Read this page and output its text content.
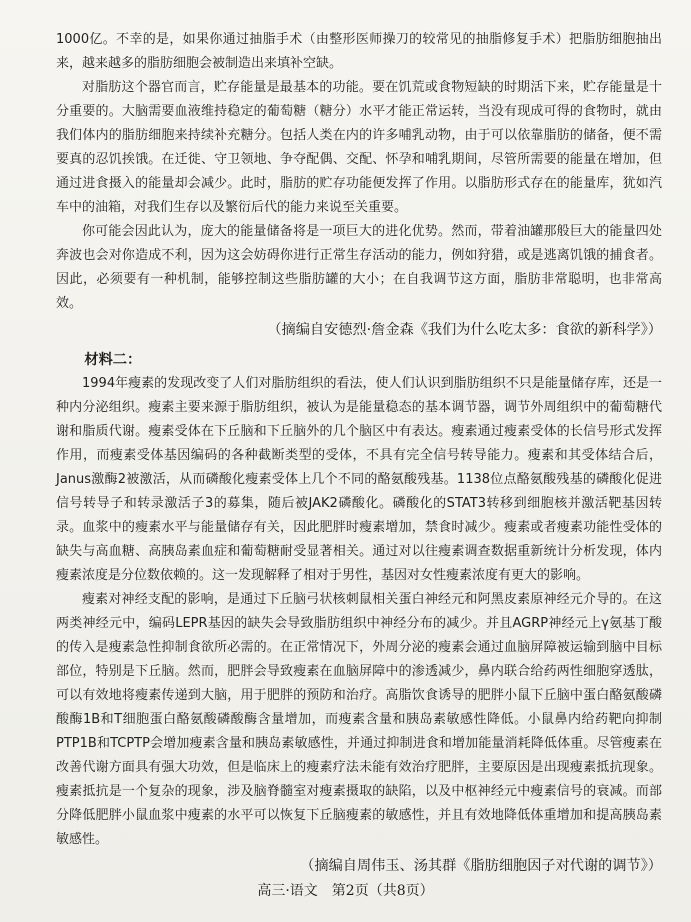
1000亿。不幸的是，如果你通过抽脂手术（由整形医师操刀的较常见的抽脂修复手术）把脂肪细胞抽出来，越来越多的脂肪细胞会被制造出来填补空缺。

对脂肪这个器官而言，贮存能量是最基本的功能。要在饥荒或食物短缺的时期活下来，贮存能量是十分重要的。大脑需要血液维持稳定的葡萄糖（糖分）水平才能正常运转，当没有现成可得的食物时，就由我们体内的脂肪细胞来持续补充糖分。包括人类在内的许多哺乳动物，由于可以依靠脂肪的储备，便不需要真的忍饥挨饿。在迁徙、守卫领地、争夺配偶、交配、怀孕和哺乳期间，尽管所需要的能量在增加，但通过进食摄入的能量却会减少。此时，脂肪的贮存功能便发挥了作用。以脂肪形式存在的能量库，犹如汽车中的油箱，对我们生存以及繁衍后代的能力来说至关重要。

你可能会因此认为，庞大的能量储备将是一项巨大的进化优势。然而，带着油罐那般巨大的能量四处奔波也会对你造成不利，因为这会妨碍你进行正常生存活动的能力，例如狩猎，或是逃离饥饿的捕食者。因此，必须要有一种机制，能够控制这些脂肪罐的大小；在自我调节这方面，脂肪非常聪明，也非常高效。

（摘编自安德烈·詹金森《我们为什么吃太多：食欲的新科学》）

材料二：

1994年瘦素的发现改变了人们对脂肪组织的看法，使人们认识到脂肪组织不只是能量储存库，还是一种内分泌组织。瘦素主要来源于脂肪组织，被认为是能量稳态的基本调节器，调节外周组织中的葡萄糖代谢和脂质代谢。瘦素受体在下丘脑和下丘脑外的几个脑区中有表达。瘦素通过瘦素受体的长信号形式发挥作用，而瘦素受体基因编码的各种截断类型的受体，不具有完全信号转导能力。瘦素和其受体结合后，Janus激酶2被激活，从而磷酸化瘦素受体上几个不同的酪氨酸残基。1138位点酪氨酸残基的磷酸化促进信号转导子和转录激活子3的募集，随后被JAK2磷酸化。磷酸化的STAT3转移到细胞核并激活靶基因转录。血浆中的瘦素水平与能量储存有关，因此肥胖时瘦素增加，禁食时减少。瘦素或者瘦素功能性受体的缺失与高血糖、高胰岛素血症和葡萄糖耐受显著相关。通过对以往瘦素调查数据重新统计分析发现，体内瘦素浓度是分位数依赖的。这一发现解释了相对于男性，基因对女性瘦素浓度有更大的影响。

瘦素对神经支配的影响，是通过下丘脑弓状核刺鼠相关蛋白神经元和阿黑皮素原神经元介导的。在这两类神经元中，编码LEPR基因的缺失会导致脂肪组织中神经分布的减少。并且AGRP神经元上γ氨基丁酸的传入是瘦素急性抑制食欲所必需的。在正常情况下，外周分泌的瘦素会通过血脑屏障被运输到脑中目标部位，特别是下丘脑。然而，肥胖会导致瘦素在血脑屏障中的渗透减少，鼻内联合给药两性细胞穿透肽，可以有效地将瘦素传递到大脑，用于肥胖的预防和治疗。高脂饮食诱导的肥胖小鼠下丘脑中蛋白酪氨酸磷酸酶1B和T细胞蛋白酪氨酸磷酸酶含量增加，而瘦素含量和胰岛素敏感性降低。小鼠鼻内给药靶向抑制PTP1B和TCPTP会增加瘦素含量和胰岛素敏感性，并通过抑制进食和增加能量消耗降低体重。尽管瘦素在改善代谢方面具有强大功效，但是临床上的瘦素疗法未能有效治疗肥胖，主要原因是出现瘦素抵抗现象。瘦素抵抗是一个复杂的现象，涉及脑脊髓室对瘦素摄取的缺陷，以及中枢神经元中瘦素信号的衰减。而部分降低肥胖小鼠血浆中瘦素的水平可以恢复下丘脑瘦素的敏感性，并且有效地降低体重增加和提高胰岛素敏感性。

（摘编自周伟玉、汤其群《脂肪细胞因子对代谢的调节》）

高三·语文　第2页（共8页）
